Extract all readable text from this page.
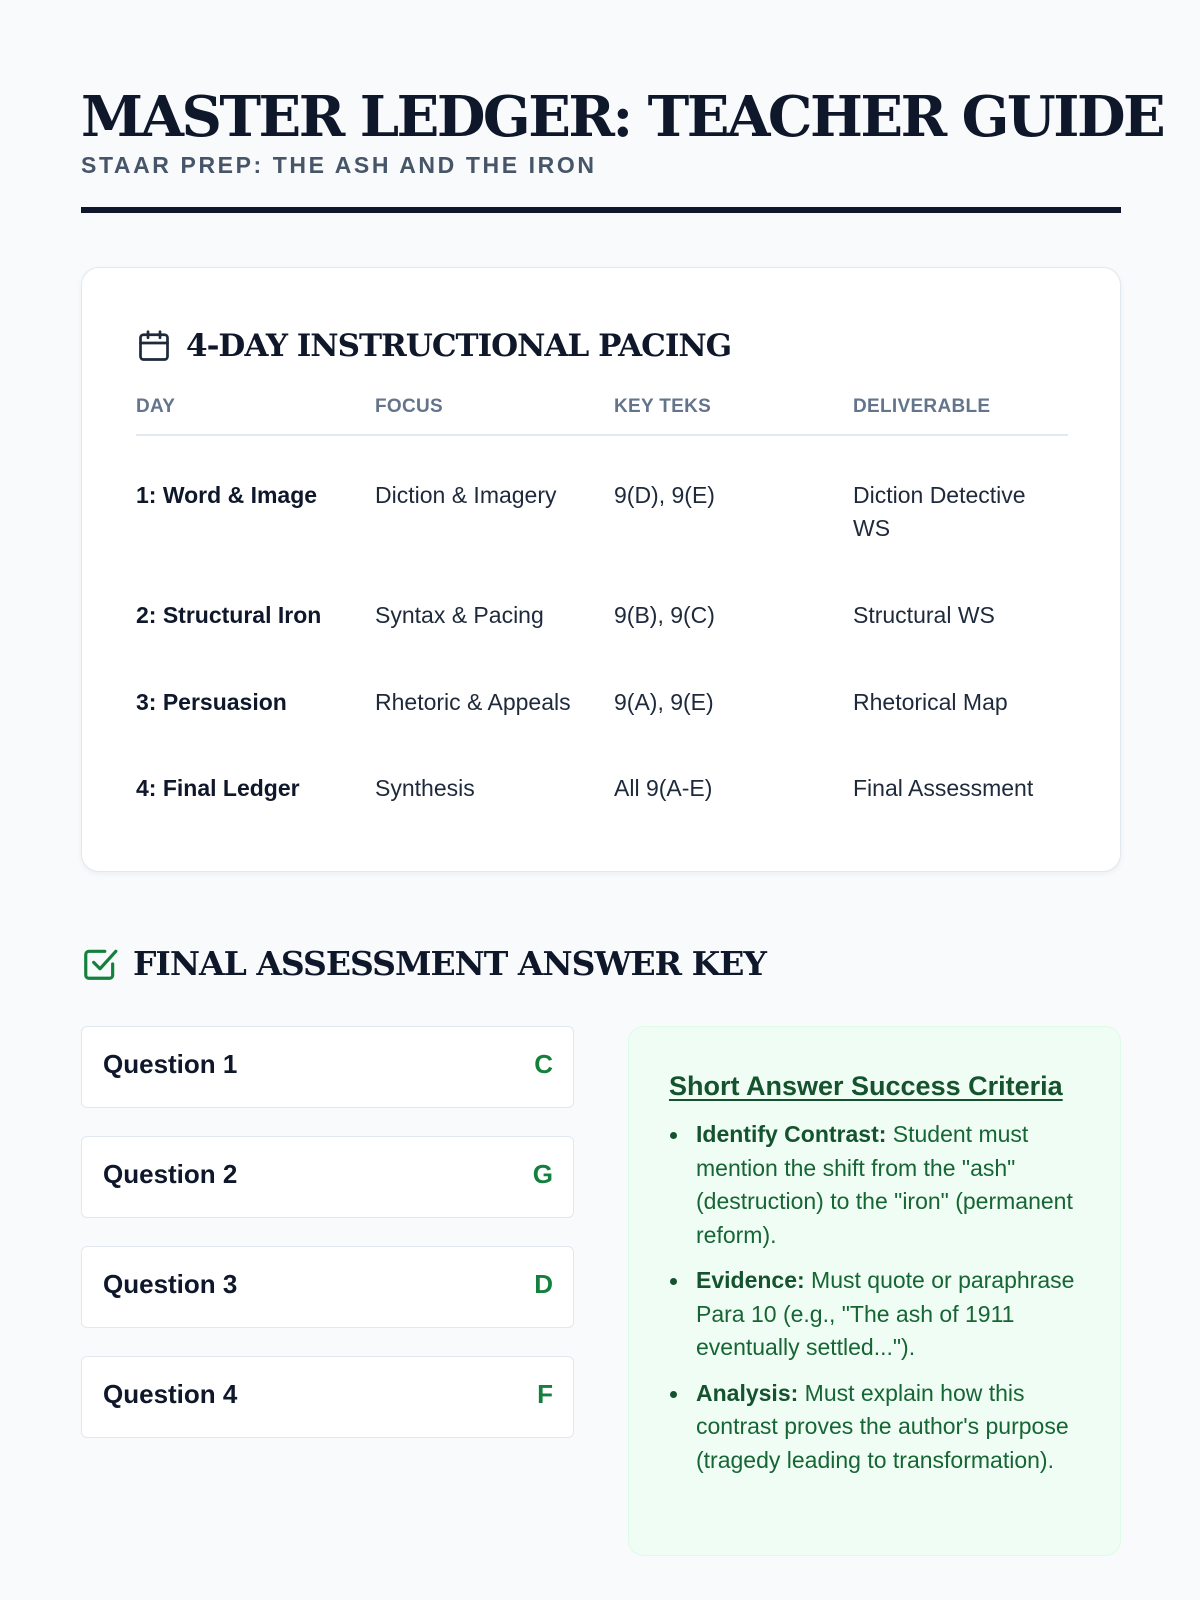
MASTER LEDGER: TEACHER GUIDE
STAAR PREP: THE ASH AND THE IRON
4-DAY INSTRUCTIONAL PACING
DAY	FOCUS	KEY TEKS	DELIVERABLE
1: Word & Image	Diction & Imagery	9(D), 9(E)	Diction Detective WS
2: Structural Iron	Syntax & Pacing	9(B), 9(C)	Structural WS
3: Persuasion	Rhetoric & Appeals	9(A), 9(E)	Rhetorical Map
4: Final Ledger	Synthesis	All 9(A-E)	Final Assessment
FINAL ASSESSMENT ANSWER KEY
Question 1	C
Question 2	G
Question 3	D
Question 4	F
Short Answer Success Criteria
Identify Contrast: Student must mention the shift from the "ash" (destruction) to the "iron" (permanent reform).
Evidence: Must quote or paraphrase Para 10 (e.g., "The ash of 1911 eventually settled...").
Analysis: Must explain how this contrast proves the author's purpose (tragedy leading to transformation).
